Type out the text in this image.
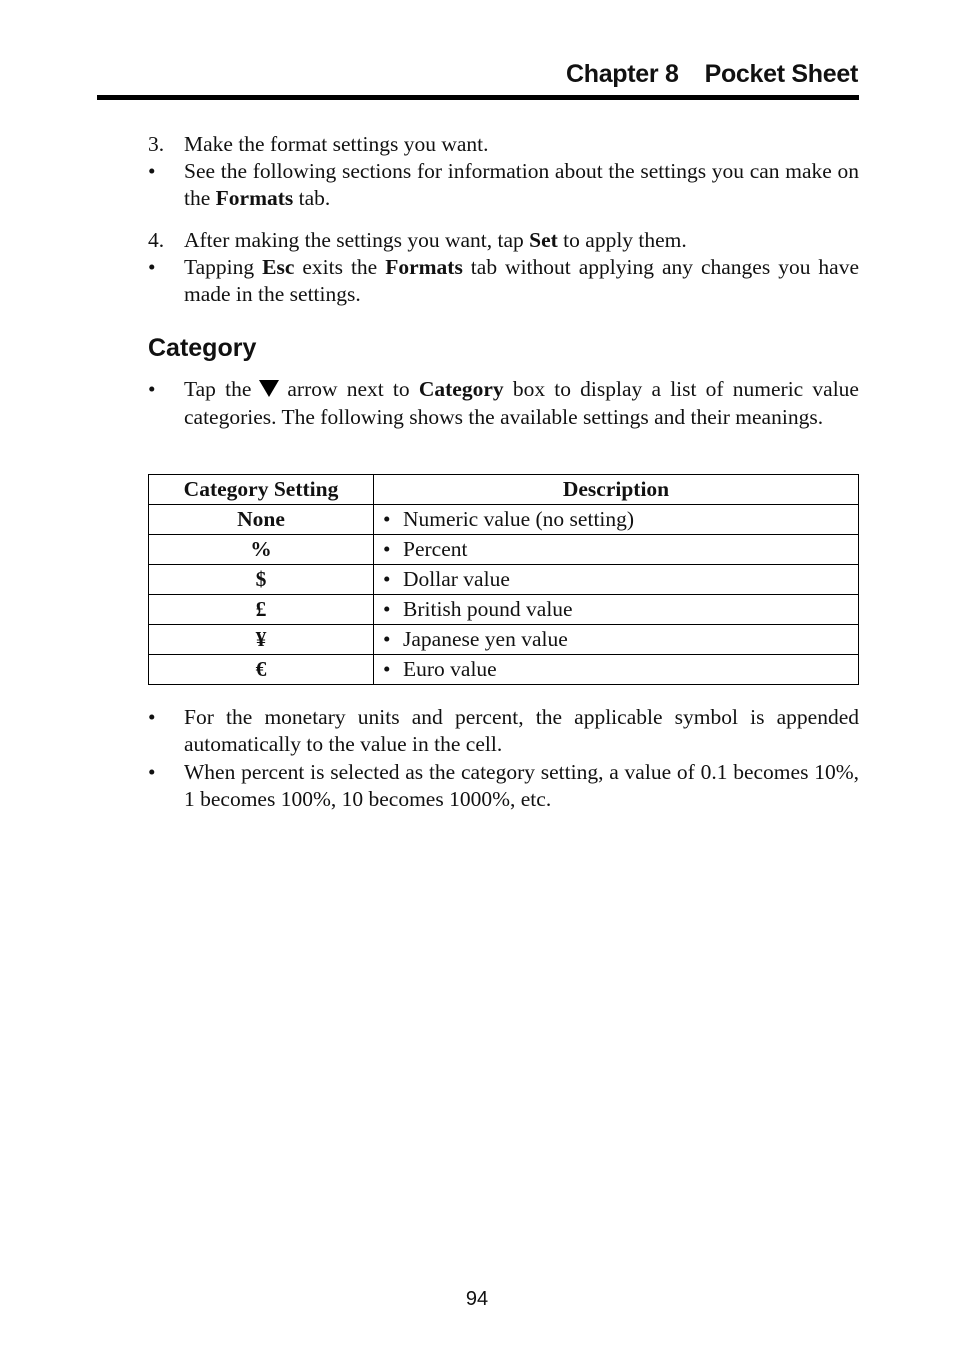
Chapter 8 Pocket Sheet
3. Make the format settings you want.
• See the following sections for information about the settings you can make on the Formats tab.
4. After making the settings you want, tap Set to apply them.
• Tapping Esc exits the Formats tab without applying any changes you have made in the settings.
Category
• Tap the arrow next to Category box to display a list of numeric value categories. The following shows the available settings and their meanings.
Category Setting	Description
None	• Numeric value (no setting)
%	• Percent
$	• Dollar value
£	• British pound value
¥	• Japanese yen value
€	• Euro value
• For the monetary units and percent, the applicable symbol is appended automatically to the value in the cell.
• When percent is selected as the category setting, a value of 0.1 becomes 10%, 1 becomes 100%, 10 becomes 1000%, etc.
94
